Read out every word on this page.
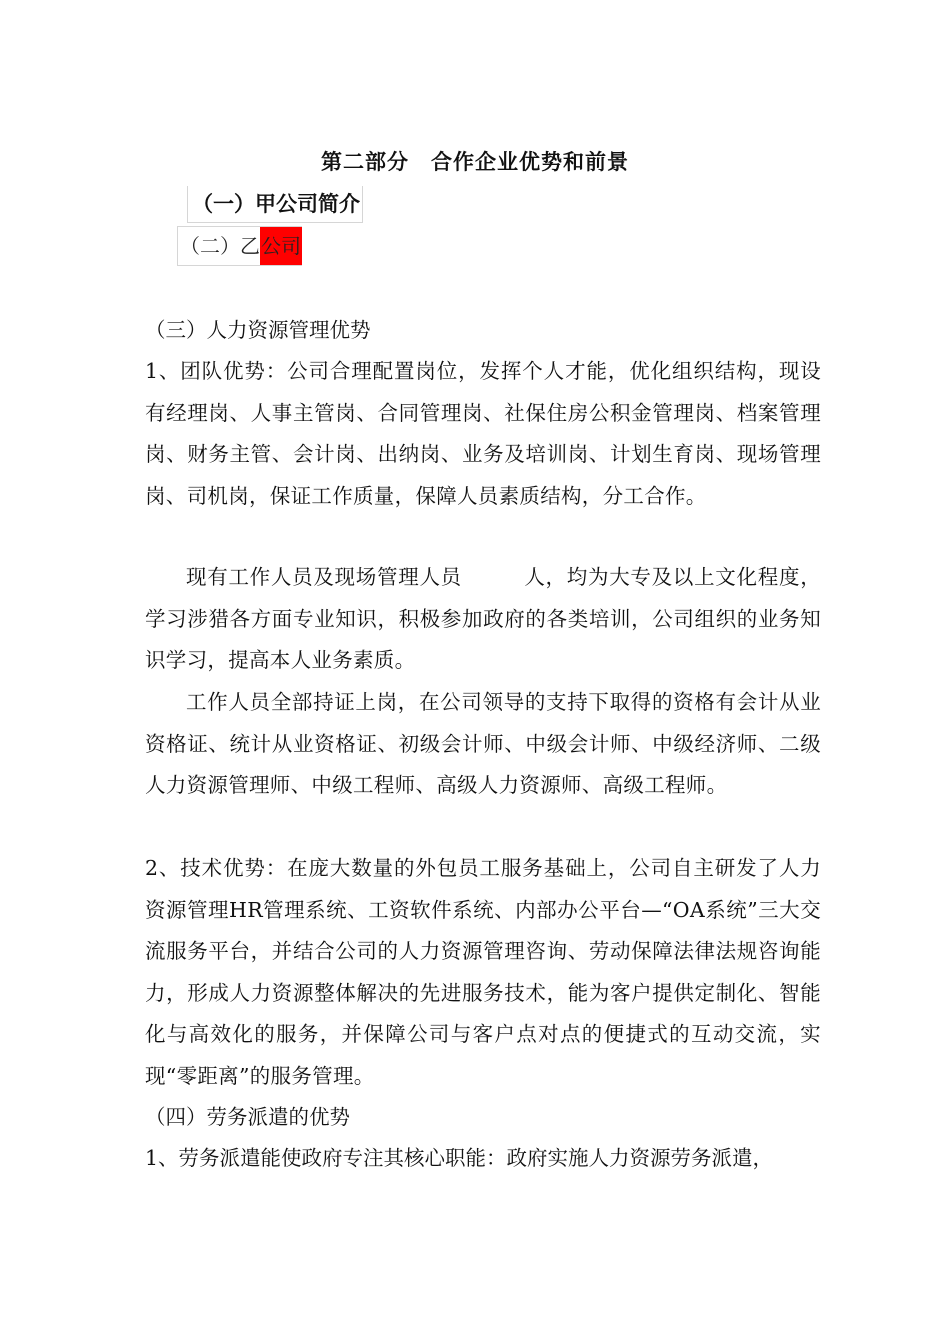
第二部分　合作企业优势和前景
（一）甲公司简介
（二）乙公司
（三）人力资源管理优势
1、团队优势：公司合理配置岗位，发挥个人才能，优化组织结构，现设有经理岗、人事主管岗、合同管理岗、社保住房公积金管理岗、档案管理岗、财务主管、会计岗、出纳岗、业务及培训岗、计划生育岗、现场管理岗、司机岗，保证工作质量，保障人员素质结构，分工合作。
现有工作人员及现场管理人员	人，均为大专及以上文化程度，学习涉猎各方面专业知识，积极参加政府的各类培训，公司组织的业务知识学习，提高本人业务素质。
工作人员全部持证上岗，在公司领导的支持下取得的资格有会计从业资格证、统计从业资格证、初级会计师、中级会计师、中级经济师、二级人力资源管理师、中级工程师、高级人力资源师、高级工程师。
2、技术优势：在庞大数量的外包员工服务基础上，公司自主研发了人力资源管理HR管理系统、工资软件系统、内部办公平台—“OA系统”三大交流服务平台，并结合公司的人力资源管理咨询、劳动保障法律法规咨询能力，形成人力资源整体解决的先进服务技术，能为客户提供定制化、智能化与高效化的服务，并保障公司与客户点对点的便捷式的互动交流，实现“零距离”的服务管理。
（四）劳务派遣的优势
1、劳务派遣能使政府专注其核心职能：政府实施人力资源劳务派遣，
